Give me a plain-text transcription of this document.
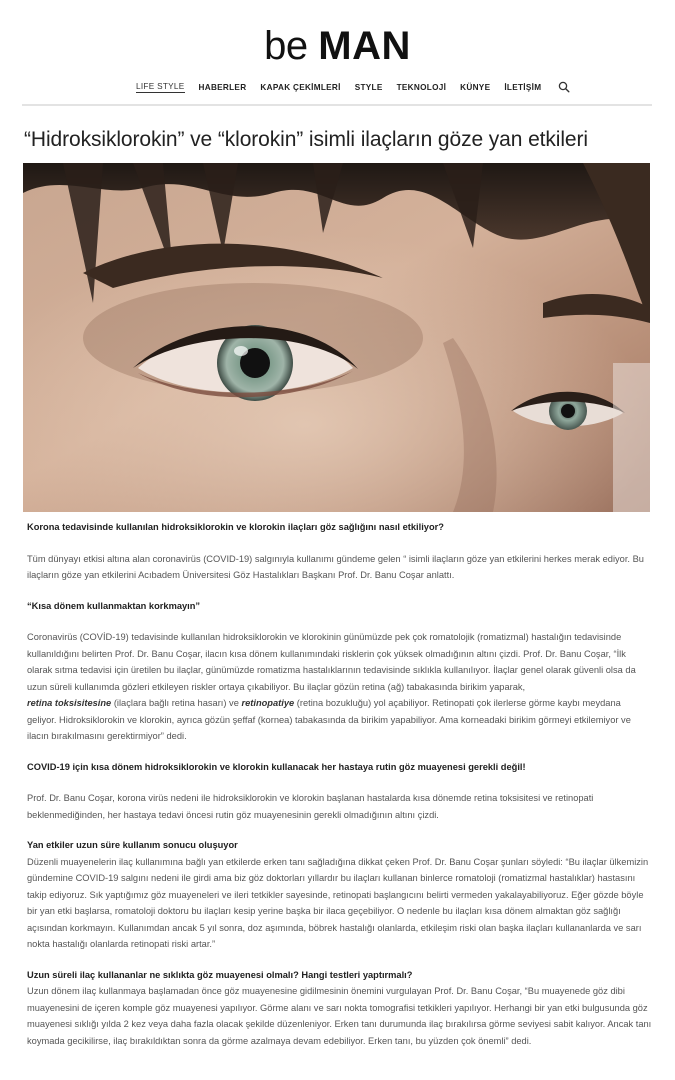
be MAN
LIFE STYLE HABERLER KAPAK ÇEKİMLERİ STYLE TEKNOLOJİ KÜNYE İLETİŞİM
“Hidroksiklorokin” ve “klorokin” isimli ilaçların göze yan etkileri

Korona tedavisinde kullanılan hidroksiklorokin ve klorokin ilaçları göz sağlığını nasıl etkiliyor?

Tüm dünyayı etkisi altına alan coronavirüs (COVID-19) salgınıyla kullanımı gündeme gelen “ isimli ilaçların göze yan etkilerini herkes merak ediyor. Bu ilaçların göze yan etkilerini Acıbadem Üniversitesi Göz Hastalıkları Başkanı Prof. Dr. Banu Coşar anlattı.

“Kısa dönem kullanmaktan korkmayın”

Coronavirüs (COVİD-19) tedavisinde kullanılan hidroksiklorokin ve klorokinin günümüzde pek çok romatolojik (romatizmal) hastalığın tedavisinde kullanıldığını belirten Prof. Dr. Banu Coşar, ilacın kısa dönem kullanımındaki risklerin çok yüksek olmadığının altını çizdi. Prof. Dr. Banu Coşar, “İlk olarak sıtma tedavisi için üretilen bu ilaçlar, günümüzde romatizma hastalıklarının tedavisinde sıklıkla kullanılıyor. İlaçlar genel olarak güvenli olsa da uzun süreli kullanımda gözleri etkileyen riskler ortaya çıkabiliyor. Bu ilaçlar gözün retina (ağ) tabakasında birikim yaparak,
retina toksisitesine (ilaçlara bağlı retina hasarı) ve retinopatiye (retina bozukluğu) yol açabiliyor. Retinopati çok ilerlerse görme kaybı meydana geliyor. Hidroksiklorokin ve klorokin, ayrıca gözün şeffaf (kornea) tabakasında da birikim yapabiliyor. Ama korneadaki birikim görmeyi etkilemiyor ve ilacın bırakılmasını gerektirmiyor” dedi.

COVID-19 için kısa dönem hidroksiklorokin ve klorokin kullanacak her hastaya rutin göz muayenesi gerekli değil!

Prof. Dr. Banu Coşar, korona virüs nedeni ile hidroksiklorokin ve klorokin başlanan hastalarda kısa dönemde retina toksisitesi ve retinopati beklenmediğinden, her hastaya tedavi öncesi rutin göz muayenesinin gerekli olmadığının altını çizdi.

Yan etkiler uzun süre kullanım sonucu oluşuyor

Düzenli muayenelerin ilaç kullanımına bağlı yan etkilerde erken tanı sağladığına dikkat çeken Prof. Dr. Banu Coşar şunları söyledi: “Bu ilaçlar ülkemizin gündemine COVID-19 salgını nedeni ile girdi ama biz göz doktorları yıllardır bu ilaçları kullanan binlerce romatoloji (romatizmal hastalıklar) hastasını takip ediyoruz. Sık yaptığımız göz muayeneleri ve ileri tetkikler sayesinde, retinopati başlangıcını belirti vermeden yakalayabiliyoruz. Eğer gözde böyle bir yan etki başlarsa, romatoloji doktoru bu ilaçları kesip yerine başka bir ilaca geçebiliyor. O nedenle bu ilaçları kısa dönem almaktan göz sağlığı açısından korkmayın. Kullanımdan ancak 5 yıl sonra, doz aşımında, böbrek hastalığı olanlarda, etkileşim riski olan başka ilaçları kullananlarda ve sarı nokta hastalığı olanlarda retinopati riski artar.”

Uzun süreli ilaç kullananlar ne sıklıkta göz muayenesi olmalı? Hangi testleri yaptırmalı?

Uzun dönem ilaç kullanmaya başlamadan önce göz muayenesine gidilmesinin önemini vurgulayan Prof. Dr. Banu Coşar, “Bu muayenede göz dibi muayenesini de içeren komple göz muayenesi yapılıyor. Görme alanı ve sarı nokta tomografisi tetkikleri yapılıyor. Herhangi bir yan etki bulgusunda göz muayenesi sıklığı yılda 2 kez veya daha fazla olacak şekilde düzenleniyor. Erken tanı durumunda ilaç bırakılırsa görme seviyesi sabit kalıyor. Ancak tanı koymada gecikilirse, ilaç bırakıldıktan sonra da görme azalmaya devam edebiliyor. Erken tanı, bu yüzden çok önemli” dedi.
